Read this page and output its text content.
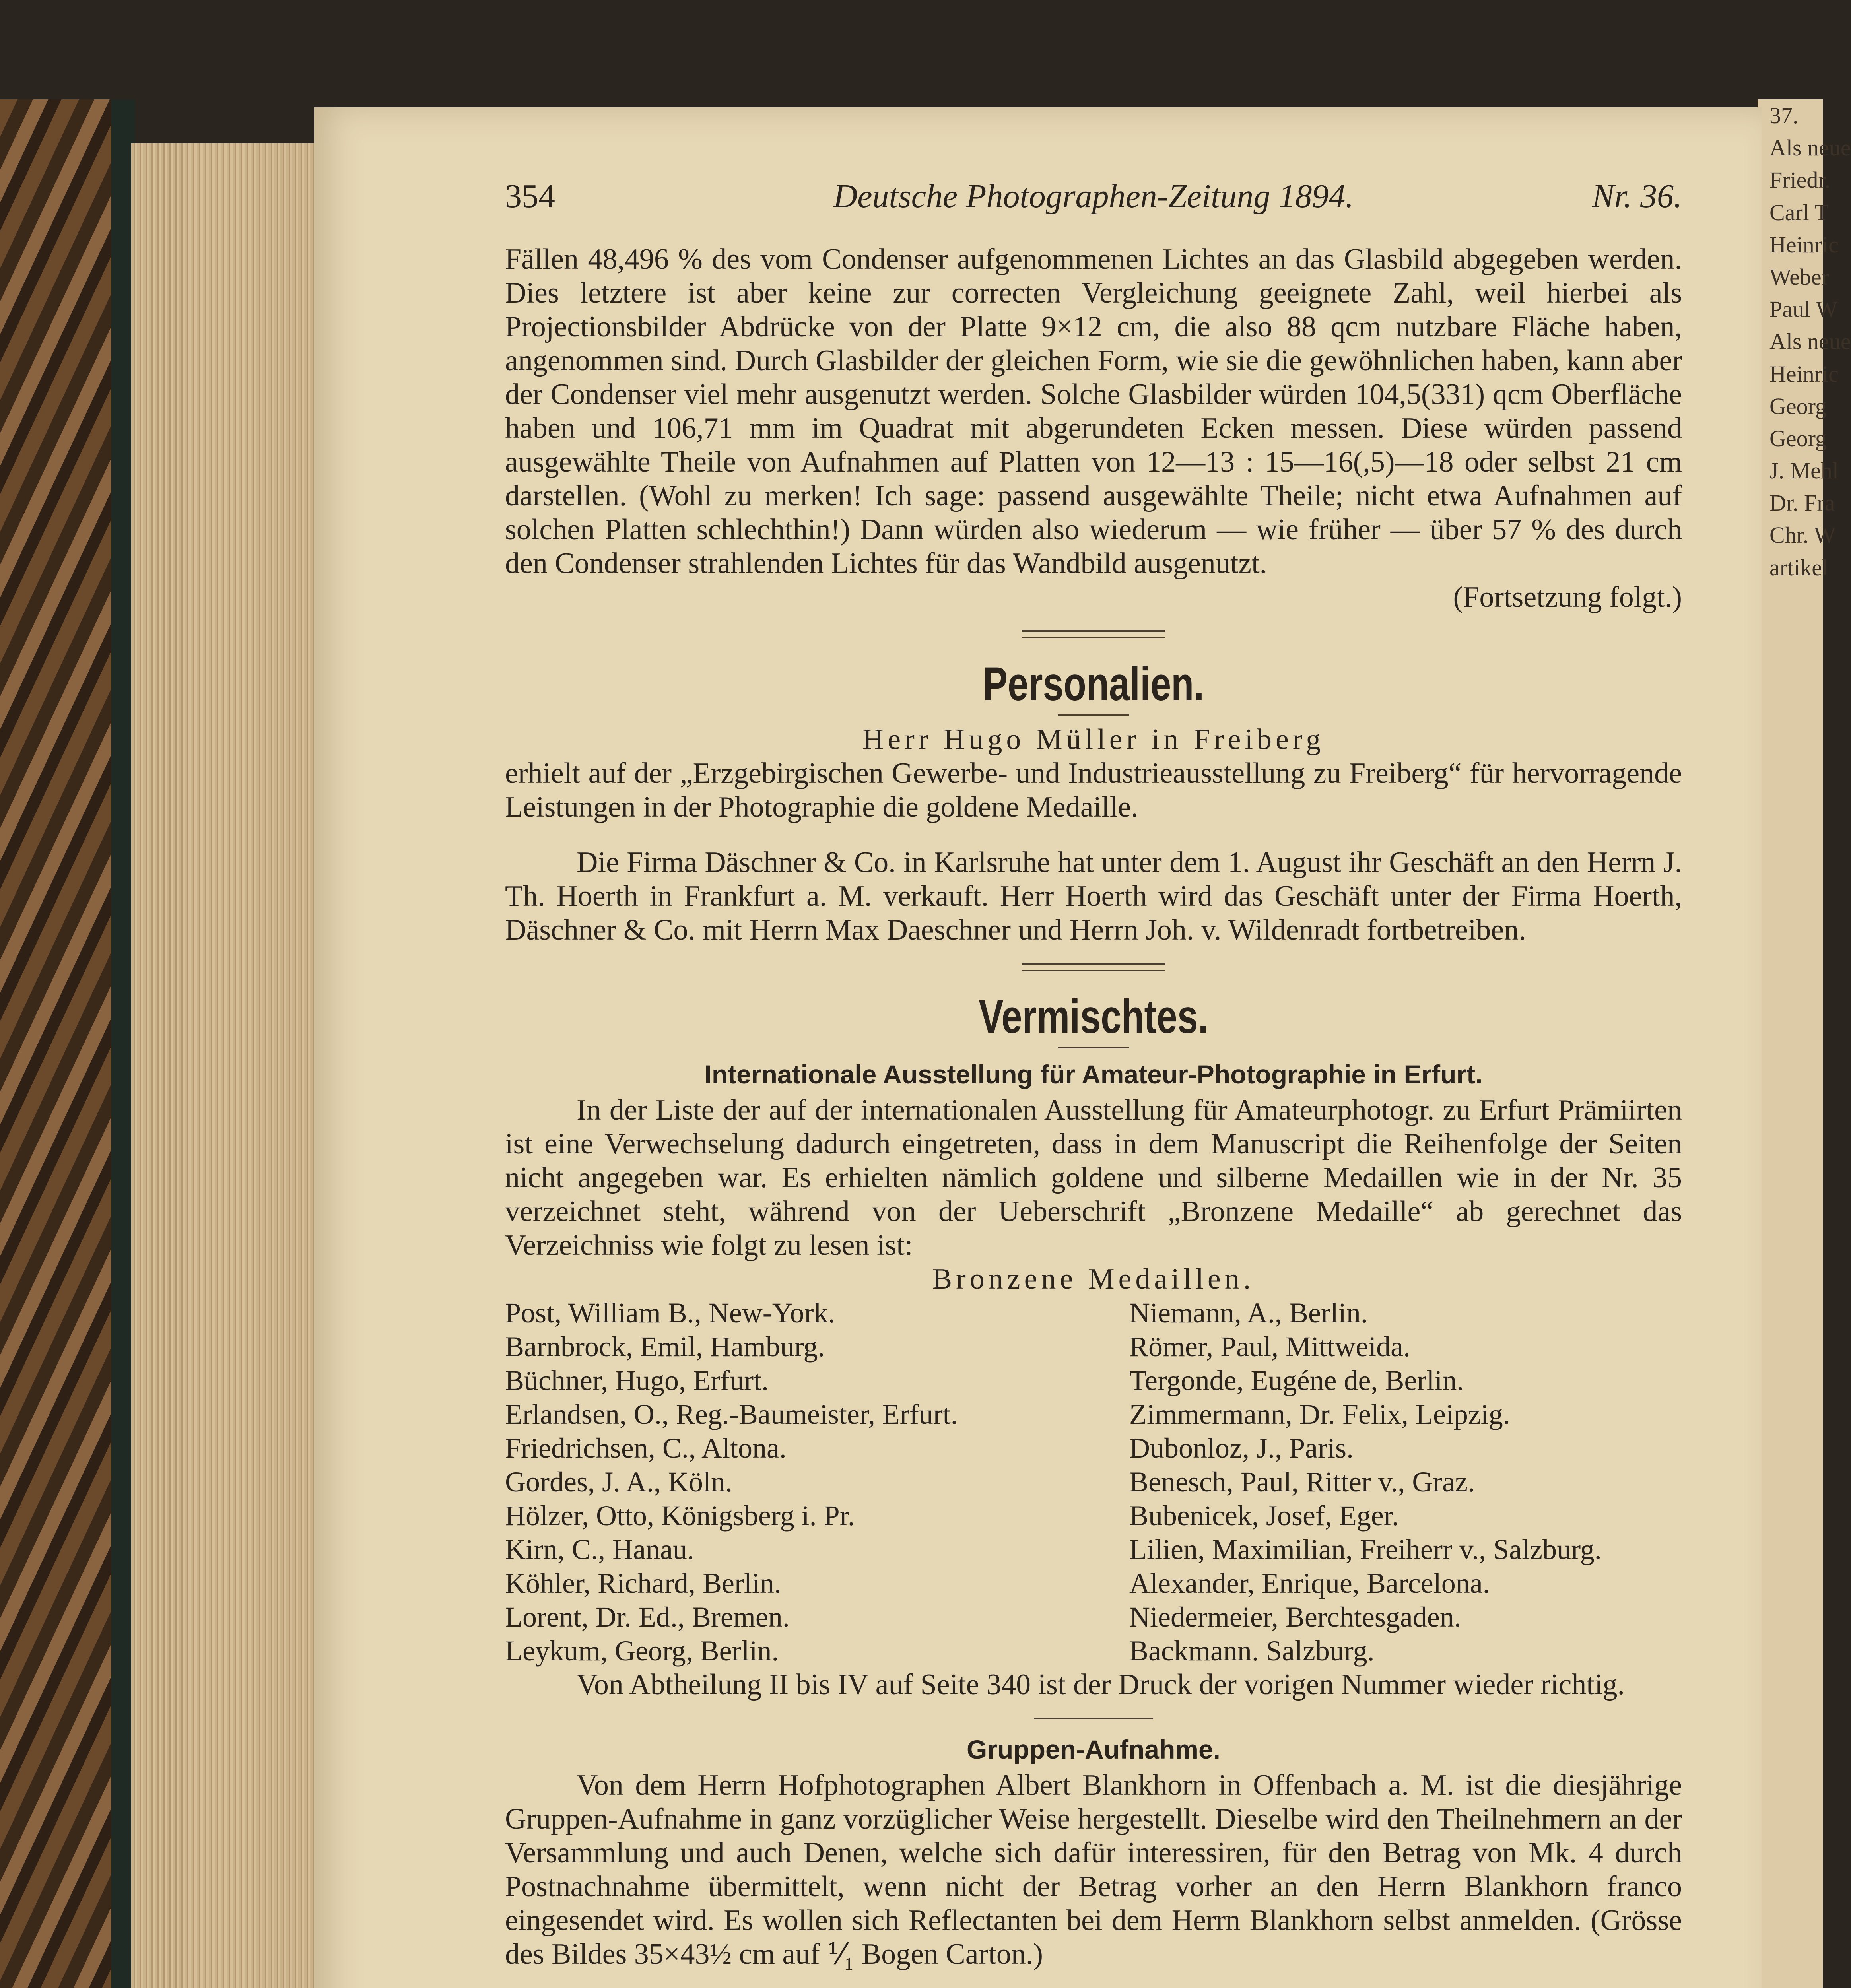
37.
Als neue
Friedr.
Carl T
Heinric
Weber
Paul W
Als neue
Heinric
Georg
Georg
J. Mehl
Dr. Fra
Chr. W
artikel
354	Deutsche Photographen-Zeitung 1894.	Nr. 36.

Fällen 48,496 % des vom Condenser aufgenommenen Lichtes an das Glasbild abgegeben werden. Dies letztere ist aber keine zur correcten Vergleichung geeignete Zahl, weil hierbei als Projectionsbilder Abdrücke von der Platte 9×12 cm, die also 88 qcm nutzbare Fläche haben, angenommen sind. Durch Glasbilder der gleichen Form, wie sie die gewöhnlichen haben, kann aber der Condenser viel mehr ausgenutzt werden. Solche Glasbilder würden 104,5(331) qcm Oberfläche haben und 106,71 mm im Quadrat mit abgerundeten Ecken messen. Diese würden passend ausgewählte Theile von Aufnahmen auf Platten von 12—13 : 15—16(,5)—18 oder selbst 21 cm darstellen. (Wohl zu merken! Ich sage: passend ausgewählte Theile; nicht etwa Aufnahmen auf solchen Platten schlechthin!) Dann würden also wiederum — wie früher — über 57 % des durch den Condenser strahlenden Lichtes für das Wandbild ausgenutzt.

(Fortsetzung folgt.)

Personalien.

Herr Hugo Müller in Freiberg

erhielt auf der „Erzgebirgischen Gewerbe- und Industrieausstellung zu Freiberg“ für hervorragende Leistungen in der Photographie die goldene Medaille.

Die Firma Däschner & Co. in Karlsruhe hat unter dem 1. August ihr Geschäft an den Herrn J. Th. Hoerth in Frankfurt a. M. verkauft. Herr Hoerth wird das Geschäft unter der Firma Hoerth, Däschner & Co. mit Herrn Max Daeschner und Herrn Joh. v. Wildenradt fortbetreiben.

Vermischtes.
Internationale Ausstellung für Amateur-Photographie in Erfurt.

In der Liste der auf der internationalen Ausstellung für Amateurphotogr. zu Erfurt Prämiirten ist eine Verwechselung dadurch eingetreten, dass in dem Manuscript die Reihenfolge der Seiten nicht angegeben war. Es erhielten nämlich goldene und silberne Medaillen wie in der Nr. 35 verzeichnet steht, während von der Ueberschrift „Bronzene Medaille“ ab gerechnet das Verzeichniss wie folgt zu lesen ist:

Bronzene Medaillen.

Post, William B., New-York.	Niemann, A., Berlin.
Barnbrock, Emil, Hamburg.	Römer, Paul, Mittweida.
Büchner, Hugo, Erfurt.	Tergonde, Eugéne de, Berlin.
Erlandsen, O., Reg.-Baumeister, Erfurt.	Zimmermann, Dr. Felix, Leipzig.
Friedrichsen, C., Altona.	Dubonloz, J., Paris.
Gordes, J. A., Köln.	Benesch, Paul, Ritter v., Graz.
Hölzer, Otto, Königsberg i. Pr.	Bubenicek, Josef, Eger.
Kirn, C., Hanau.	Lilien, Maximilian, Freiherr v., Salzburg.
Köhler, Richard, Berlin.	Alexander, Enrique, Barcelona.
Lorent, Dr. Ed., Bremen.	Niedermeier, Berchtesgaden.
Leykum, Georg, Berlin.	Backmann. Salzburg.

Von Abtheilung II bis IV auf Seite 340 ist der Druck der vorigen Nummer wieder richtig.

Gruppen-Aufnahme.

Von dem Herrn Hofphotographen Albert Blankhorn in Offenbach a. M. ist die diesjährige Gruppen-Aufnahme in ganz vorzüglicher Weise hergestellt. Dieselbe wird den Theilnehmern an der Versammlung und auch Denen, welche sich dafür interessiren, für den Betrag von Mk. 4 durch Postnachnahme übermittelt, wenn nicht der Betrag vorher an den Herrn Blankhorn franco eingesendet wird. Es wollen sich Reflectanten bei dem Herrn Blankhorn selbst anmelden. (Grösse des Bildes 35×43½ cm auf ⅟₁ Bogen Carton.)
